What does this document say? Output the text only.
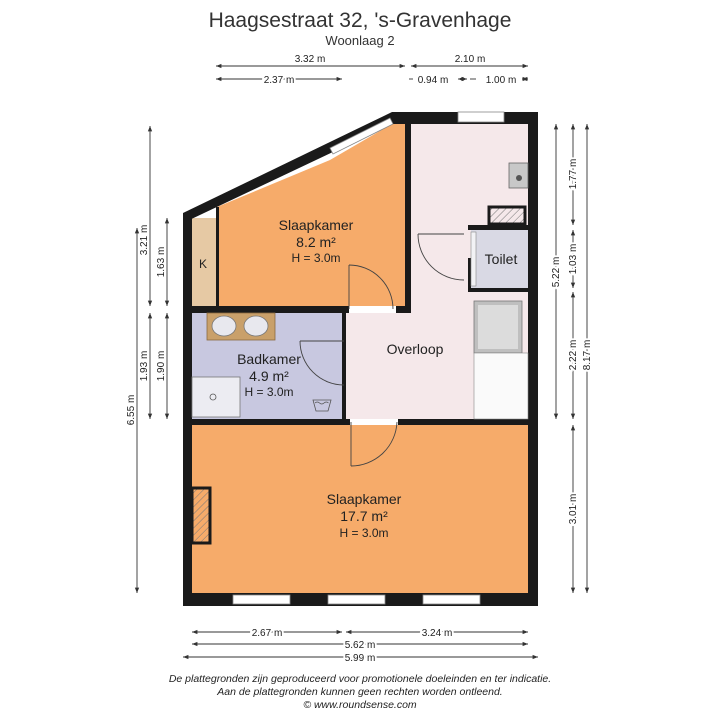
Haagsestraat 32, 's-Gravenhage
Woonlaag 2
Slaapkamer
8.2 m²
H = 3.0m
K
Badkamer
4.9 m²
H = 3.0m
Overloop
Toilet
Slaapkamer
17.7 m²
H = 3.0m
3.32 m
2.37 m
2.10 m
0.94 m	1.00 m
3.21 m
1.63 m
1.93 m 1.90 m
6.55 m
1.77 m
1.03 m
5.22 m
2.22 m 8.17 m
3.01 m
2.67 m	3.24 m
5.62 m
5.99 m
De plattegronden zijn geproduceerd voor promotionele doeleinden en ter indicatie.
Aan de plattegronden kunnen geen rechten worden ontleend.
© www.roundsense.com
